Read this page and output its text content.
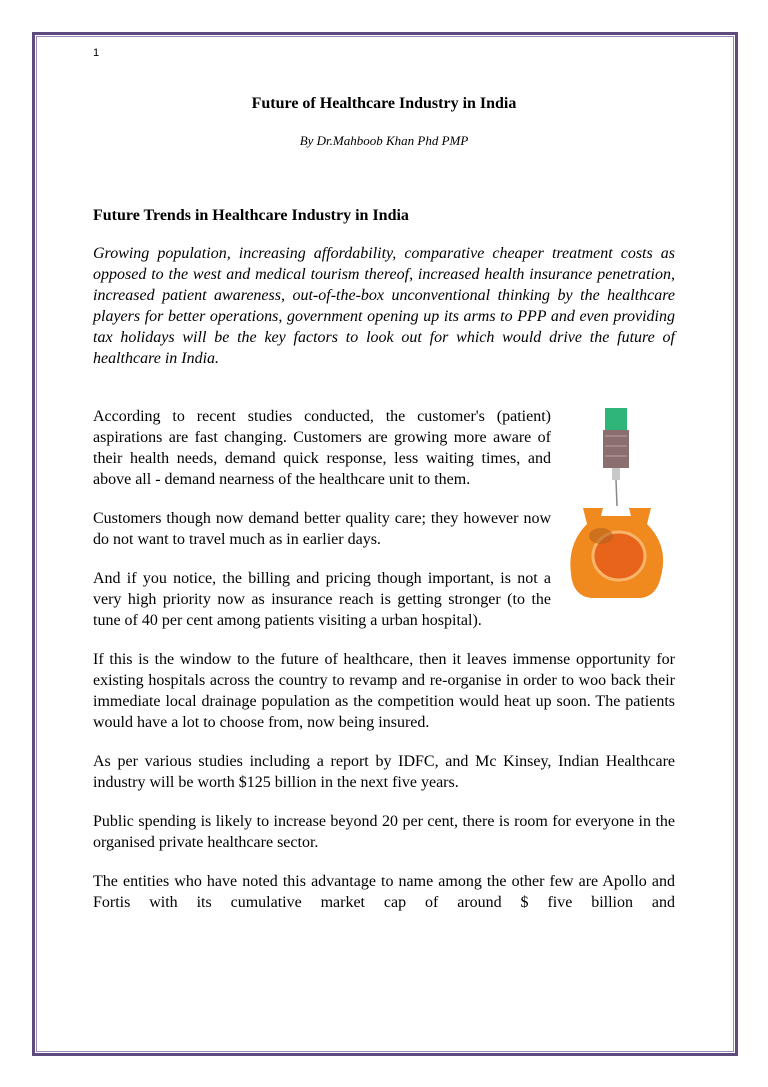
1
Future of Healthcare Industry in India
By Dr.Mahboob Khan Phd PMP
Future Trends in Healthcare Industry in India

Growing population, increasing affordability, comparative cheaper treatment costs as opposed to the west and medical tourism thereof, increased health insurance penetration, increased patient awareness, out-of-the-box unconventional thinking by the healthcare players for better operations, government opening up its arms to PPP and even providing tax holidays will be the key factors to look out for which would drive the future of healthcare in India.

According to recent studies conducted, the customer's (patient) aspirations are fast changing. Customers are growing more aware of their health needs, demand quick response, less waiting times, and above all - demand nearness of the healthcare unit to them.

Customers though now demand better quality care; they however now do not want to travel much as in earlier days.

And if you notice, the billing and pricing though important, is not a very high priority now as insurance reach is getting stronger (to the tune of 40 per cent among patients visiting a urban hospital).

If this is the window to the future of healthcare, then it leaves immense opportunity for existing hospitals across the country to revamp and re-organise in order to woo back their immediate local drainage population as the competition would heat up soon. The patients would have a lot to choose from, now being insured.

As per various studies including a report by IDFC, and Mc Kinsey, Indian Healthcare industry will be worth $125 billion in the next five years.

Public spending is likely to increase beyond 20 per cent, there is room for everyone in the organised private healthcare sector.

The entities who have noted this advantage to name among the other few are Apollo and Fortis with its cumulative market cap of around $ five billion and
